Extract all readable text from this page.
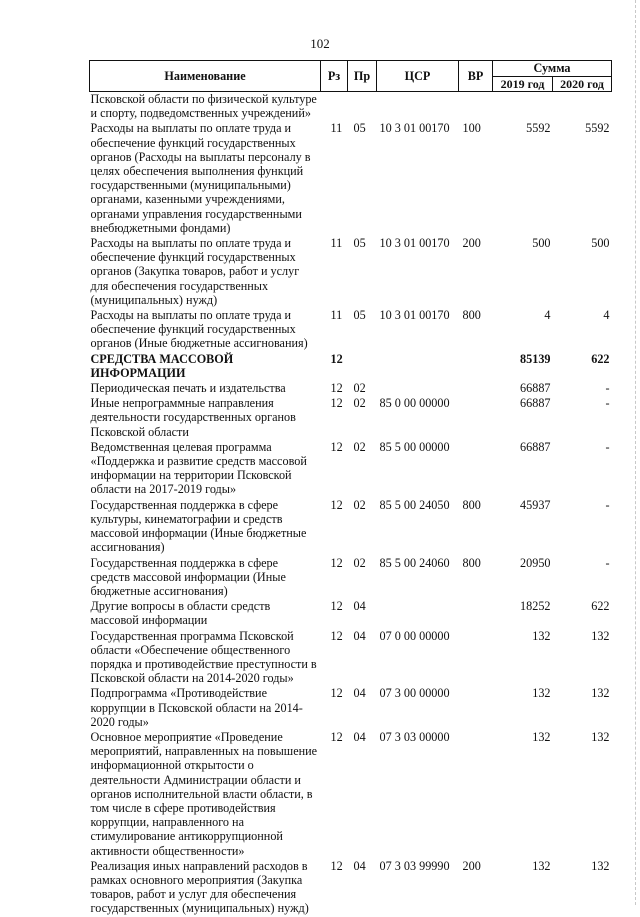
102
Наименование	Рз	Пр	ЦСР	ВР	Сумма	
					2019 год	2020 год
Псковской области по физической культуре и спорту, подведомственных учреждений»						
Расходы на выплаты по оплате труда и обеспечение функций государственных органов (Расходы на выплаты персоналу в целях обеспечения выполнения функций государственными (муниципальными) органами, казенными учреждениями, органами управления государственными внебюджетными фондами)	11	05	10 3 01 00170	100	5592	5592
Расходы на выплаты по оплате труда и обеспечение функций государственных органов (Закупка товаров, работ и услуг для обеспечения государственных (муниципальных) нужд)	11	05	10 3 01 00170	200	500	500
Расходы на выплаты по оплате труда и обеспечение функций государственных органов (Иные бюджетные ассигнования)	11	05	10 3 01 00170	800	4	4
СРЕДСТВА МАССОВОЙ ИНФОРМАЦИИ	12				85139	622
Периодическая печать и издательства	12	02			66887	-
Иные непрограммные направления деятельности государственных органов Псковской области	12	02	85 0 00 00000		66887	-
Ведомственная целевая программа «Поддержка и развитие средств массовой информации на территории Псковской области на 2017-2019 годы»	12	02	85 5 00 00000		66887	-
Государственная поддержка в сфере культуры, кинематографии и средств массовой информации (Иные бюджетные ассигнования)	12	02	85 5 00 24050	800	45937	-
Государственная поддержка в сфере средств массовой информации (Иные бюджетные ассигнования)	12	02	85 5 00 24060	800	20950	-
Другие вопросы в области средств массовой информации	12	04			18252	622
Государственная программа Псковской области «Обеспечение общественного порядка и противодействие преступности в Псковской области на 2014-2020 годы»	12	04	07 0 00 00000		132	132
Подпрограмма «Противодействие коррупции в Псковской области на 2014-2020 годы»	12	04	07 3 00 00000		132	132
Основное мероприятие «Проведение мероприятий, направленных на повышение информационной открытости о деятельности Администрации области и органов исполнительной власти области, в том числе в сфере противодействия коррупции, направленного на стимулирование антикоррупционной активности общественности»	12	04	07 3 03 00000		132	132
Реализация иных направлений расходов в рамках основного мероприятия (Закупка товаров, работ и услуг для обеспечения государственных (муниципальных) нужд)	12	04	07 3 03 99990	200	132	132
